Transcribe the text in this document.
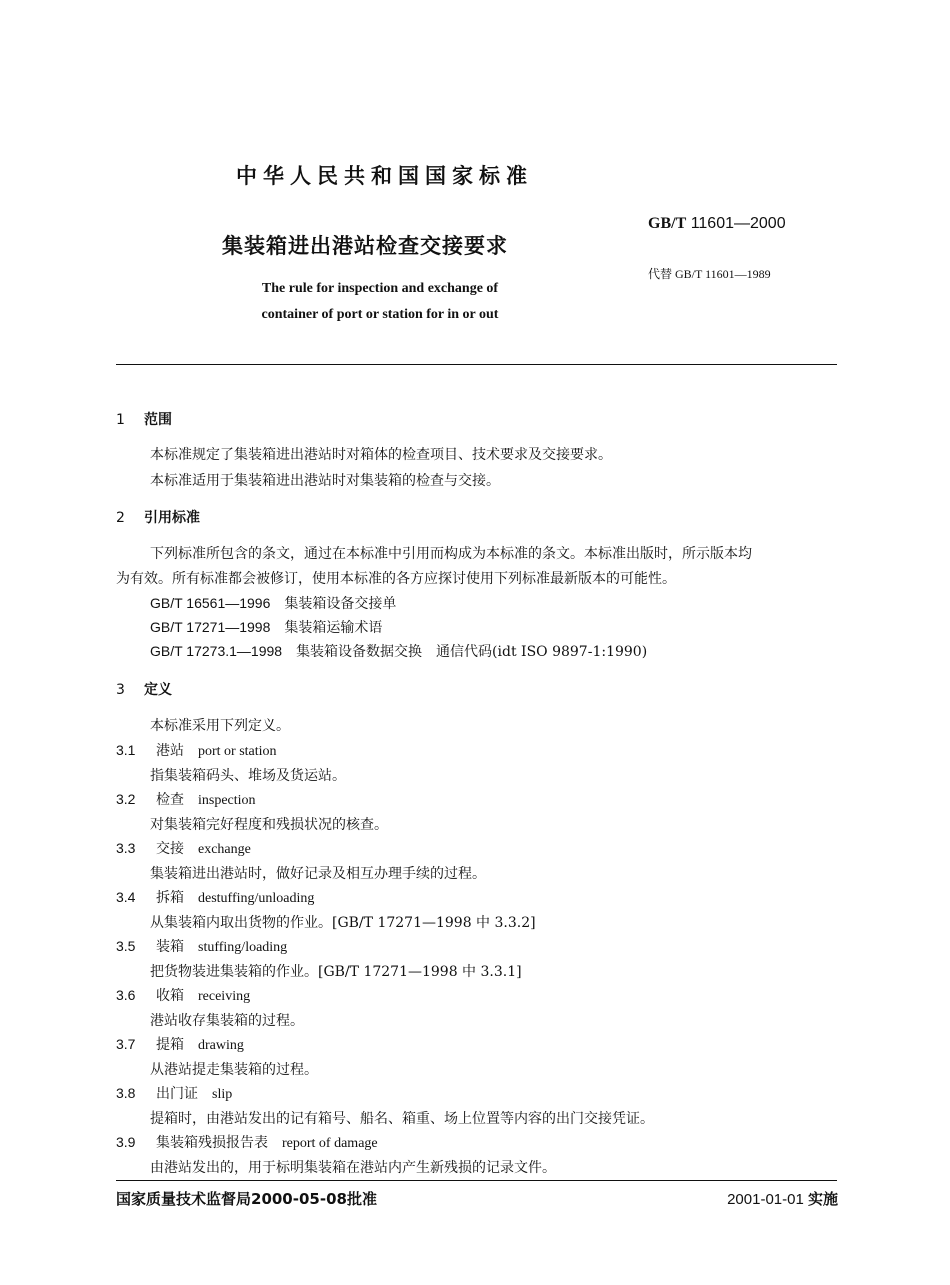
中华人民共和国国家标准
集装箱进出港站检查交接要求
The rule for inspection and exchange of
container of port or station for in or out
GB/T 11601—2000
代替 GB/T 11601—1989
1 范围
本标准规定了集装箱进出港站时对箱体的检查项目、技术要求及交接要求。
本标准适用于集装箱进出港站时对集装箱的检查与交接。
2 引用标准
下列标准所包含的条文，通过在本标准中引用而构成为本标准的条文。本标准出版时，所示版本均
为有效。所有标准都会被修订，使用本标准的各方应探讨使用下列标准最新版本的可能性。
GB/T 16561—1996 集装箱设备交接单
GB/T 17271—1998 集装箱运输术语
GB/T 17273.1—1998 集装箱设备数据交换　通信代码(idt ISO 9897-1:1990)
3 定义
本标准采用下列定义。
3.1 港站 port or station
指集装箱码头、堆场及货运站。
3.2 检查 inspection
对集装箱完好程度和残损状况的核查。
3.3 交接 exchange
集装箱进出港站时，做好记录及相互办理手续的过程。
3.4 拆箱 destuffing/unloading
从集装箱内取出货物的作业。[GB/T 17271—1998 中 3.3.2]
3.5 装箱 stuffing/loading
把货物装进集装箱的作业。[GB/T 17271—1998 中 3.3.1]
3.6 收箱 receiving
港站收存集装箱的过程。
3.7 提箱 drawing
从港站提走集装箱的过程。
3.8 出门证 slip
提箱时，由港站发出的记有箱号、船名、箱重、场上位置等内容的出门交接凭证。
3.9 集装箱残损报告表 report of damage
由港站发出的，用于标明集装箱在港站内产生新残损的记录文件。
国家质量技术监督局2000-05-08批准	2001-01-01 实施
